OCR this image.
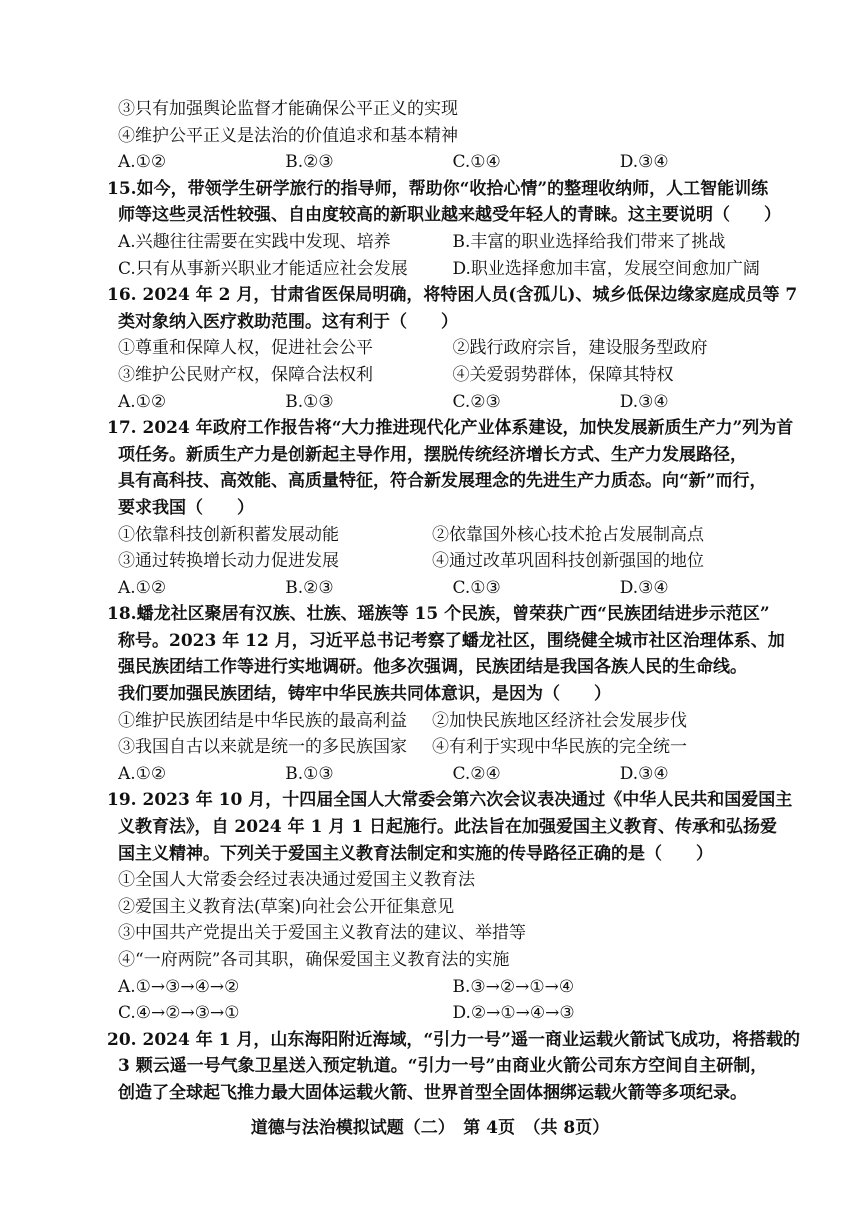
③只有加强舆论监督才能确保公平正义的实现
④维护公平正义是法治的价值追求和基本精神
A.①②	B.②③	C.①④	D.③④
15.如今，带领学生研学旅行的指导师，帮助你“收拾心情”的整理收纳师，人工智能训练
师等这些灵活性较强、自由度较高的新职业越来越受年轻人的青睐。这主要说明（　　）
A.兴趣往往需要在实践中发现、培养	B.丰富的职业选择给我们带来了挑战
C.只有从事新兴职业才能适应社会发展	D.职业选择愈加丰富，发展空间愈加广阔
16. 2024 年 2 月，甘肃省医保局明确，将特困人员(含孤儿)、城乡低保边缘家庭成员等 7
类对象纳入医疗救助范围。这有利于（　　）
①尊重和保障人权，促进社会公平	②践行政府宗旨，建设服务型政府
③维护公民财产权，保障合法权利	④关爱弱势群体，保障其特权
A.①②	B.①③	C.②③	D.③④
17. 2024 年政府工作报告将“大力推进现代化产业体系建设，加快发展新质生产力”列为首
项任务。新质生产力是创新起主导作用，摆脱传统经济增长方式、生产力发展路径，
具有高科技、高效能、高质量特征，符合新发展理念的先进生产力质态。向“新”而行，
要求我国（　　）
①依靠科技创新积蓄发展动能	②依靠国外核心技术抢占发展制高点
③通过转换增长动力促进发展	④通过改革巩固科技创新强国的地位
A.①②	B.②③	C.①③	D.③④
18.蟠龙社区聚居有汉族、壮族、瑶族等 15 个民族，曾荣获广西“民族团结进步示范区”
称号。2023 年 12 月，习近平总书记考察了蟠龙社区，围绕健全城市社区治理体系、加
强民族团结工作等进行实地调研。他多次强调，民族团结是我国各族人民的生命线。
我们要加强民族团结，铸牢中华民族共同体意识，是因为（　　）
①维护民族团结是中华民族的最高利益	②加快民族地区经济社会发展步伐
③我国自古以来就是统一的多民族国家	④有利于实现中华民族的完全统一
A.①②	B.①③	C.②④	D.③④
19. 2023 年 10 月，十四届全国人大常委会第六次会议表决通过《中华人民共和国爱国主
义教育法》，自 2024 年 1 月 1 日起施行。此法旨在加强爱国主义教育、传承和弘扬爱
国主义精神。下列关于爱国主义教育法制定和实施的传导路径正确的是（　　）
①全国人大常委会经过表决通过爱国主义教育法
②爱国主义教育法(草案)向社会公开征集意见
③中国共产党提出关于爱国主义教育法的建议、举措等
④“一府两院”各司其职，确保爱国主义教育法的实施
A.①→③→④→②	B.③→②→①→④
C.④→②→③→①	D.②→①→④→③
20. 2024 年 1 月，山东海阳附近海域，“引力一号”遥一商业运载火箭试飞成功，将搭载的
3 颗云遥一号气象卫星送入预定轨道。“引力一号”由商业火箭公司东方空间自主研制，
创造了全球起飞推力最大固体运载火箭、世界首型全固体捆绑运载火箭等多项纪录。
道德与法治模拟试题（二）　第 4页　（共 8页）
